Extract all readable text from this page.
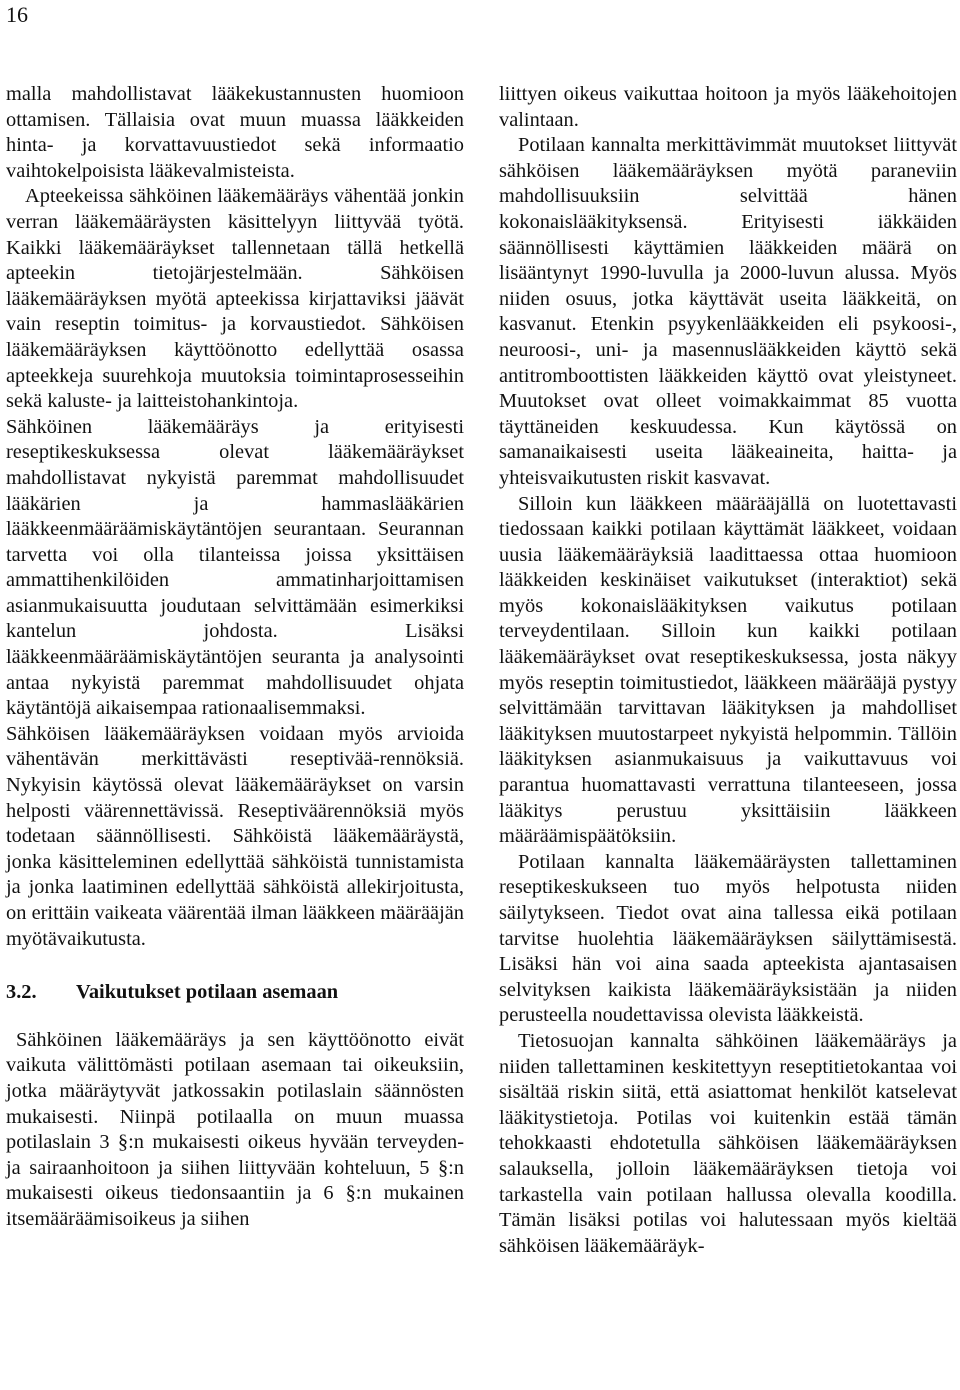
16

malla mahdollistavat lääkekustannusten huomioon ottamisen. Tällaisia ovat muun muassa lääkkeiden hinta- ja korvattavuustiedot sekä informaatio vaihtokelpoisista lääkevalmisteista.

Apteekeissa sähköinen lääkemääräys vähentää jonkin verran lääkemääräysten käsittelyyn liittyvää työtä. Kaikki lääkemääräykset tallennetaan tällä hetkellä apteekin tietojärjestelmään. Sähköisen lääkemääräyksen myötä apteekissa kirjattaviksi jäävät vain reseptin toimitus- ja korvaustiedot. Sähköisen lääkemääräyksen käyttöönotto edellyttää osassa apteekkeja suurehkoja muutoksia toimintaprosesseihin sekä kaluste- ja laitteistohankintoja.

Sähköinen lääkemääräys ja erityisesti reseptikeskuksessa olevat lääkemääräykset mahdollistavat nykyistä paremmat mahdollisuudet lääkärien ja hammaslääkärien lääkkeenmääräämiskäytäntöjen seurantaan. Seurannan tarvetta voi olla tilanteissa joissa yksittäisen ammattihenkilöiden ammatinharjoittamisen asianmukaisuutta joudutaan selvittämään esimerkiksi kantelun johdosta. Lisäksi lääkkeenmääräämiskäytäntöjen seuranta ja analysointi antaa nykyistä paremmat mahdollisuudet ohjata käytäntöjä aikaisempaa rationaalisemmaksi.

Sähköisen lääkemääräyksen voidaan myös arvioida vähentävän merkittävästi reseptivää-rennöksiä. Nykyisin käytössä olevat lääkemääräykset on varsin helposti väärennettävissä. Reseptiväärennöksiä myös todetaan säännöllisesti. Sähköistä lääkemääräystä, jonka käsitteleminen edellyttää sähköistä tunnistamista ja jonka laatiminen edellyttää sähköistä allekirjoitusta, on erittäin vaikeata väärentää ilman lääkkeen määrääjän myötävaikutusta.

3.2.	Vaikutukset potilaan asemaan

Sähköinen lääkemääräys ja sen käyttöönotto eivät vaikuta välittömästi potilaan asemaan tai oikeuksiin, jotka määräytyvät jatkossakin potilaslain säännösten mukaisesti. Niinpä potilaalla on muun muassa potilaslain 3 §:n mukaisesti oikeus hyvään terveyden- ja sairaanhoitoon ja siihen liittyvään kohteluun, 5 §:n mukaisesti oikeus tiedonsaantiin ja 6 §:n mukainen itsemääräämisoikeus ja siihen

liittyen oikeus vaikuttaa hoitoon ja myös lääkehoitojen valintaan.

Potilaan kannalta merkittävimmät muutokset liittyvät sähköisen lääkemääräyksen myötä paraneviin mahdollisuuksiin selvittää hänen kokonaislääkityksensä. Erityisesti iäkkäiden säännöllisesti käyttämien lääkkeiden määrä on lisääntynyt 1990-luvulla ja 2000-luvun alussa. Myös niiden osuus, jotka käyttävät useita lääkkeitä, on kasvanut. Etenkin psyykenlääkkeiden eli psykoosi-, neuroosi-, uni- ja masennuslääkkeiden käyttö sekä antitromboottisten lääkkeiden käyttö ovat yleistyneet. Muutokset ovat olleet voimakkaimmat 85 vuotta täyttäneiden keskuudessa. Kun käytössä on samanaikaisesti useita lääkeaineita, haitta- ja yhteisvaikutusten riskit kasvavat.

Silloin kun lääkkeen määrääjällä on luotettavasti tiedossaan kaikki potilaan käyttämät lääkkeet, voidaan uusia lääkemääräyksiä laadittaessa ottaa huomioon lääkkeiden keskinäiset vaikutukset (interaktiot) sekä myös kokonaislääkityksen vaikutus potilaan terveydentilaan. Silloin kun kaikki potilaan lääkemääräykset ovat reseptikeskuksessa, josta näkyy myös reseptin toimitustiedot, lääkkeen määrääjä pystyy selvittämään tarvittavan lääkityksen ja mahdolliset lääkityksen muutostarpeet nykyistä helpommin. Tällöin lääkityksen asianmukaisuus ja vaikuttavuus voi parantua huomattavasti verrattuna tilanteeseen, jossa lääkitys perustuu yksittäisiin lääkkeen määräämispäätöksiin.

Potilaan kannalta lääkemääräysten tallettaminen reseptikeskukseen tuo myös helpotusta niiden säilytykseen. Tiedot ovat aina tallessa eikä potilaan tarvitse huolehtia lääkemääräyksen säilyttämisestä. Lisäksi hän voi aina saada apteekista ajantasaisen selvityksen kaikista lääkemääräyksistään ja niiden perusteella noudettavissa olevista lääkkeistä.

Tietosuojan kannalta sähköinen lääkemääräys ja niiden tallettaminen keskitettyyn reseptitietokantaa voi sisältää riskin siitä, että asiattomat henkilöt katselevat lääkitystietoja. Potilas voi kuitenkin estää tämän tehokkaasti ehdotetulla sähköisen lääkemääräyksen salauksella, jolloin lääkemääräyksen tietoja voi tarkastella vain potilaan hallussa olevalla koodilla. Tämän lisäksi potilas voi halutessaan myös kieltää sähköisen lääkemääräyk-
